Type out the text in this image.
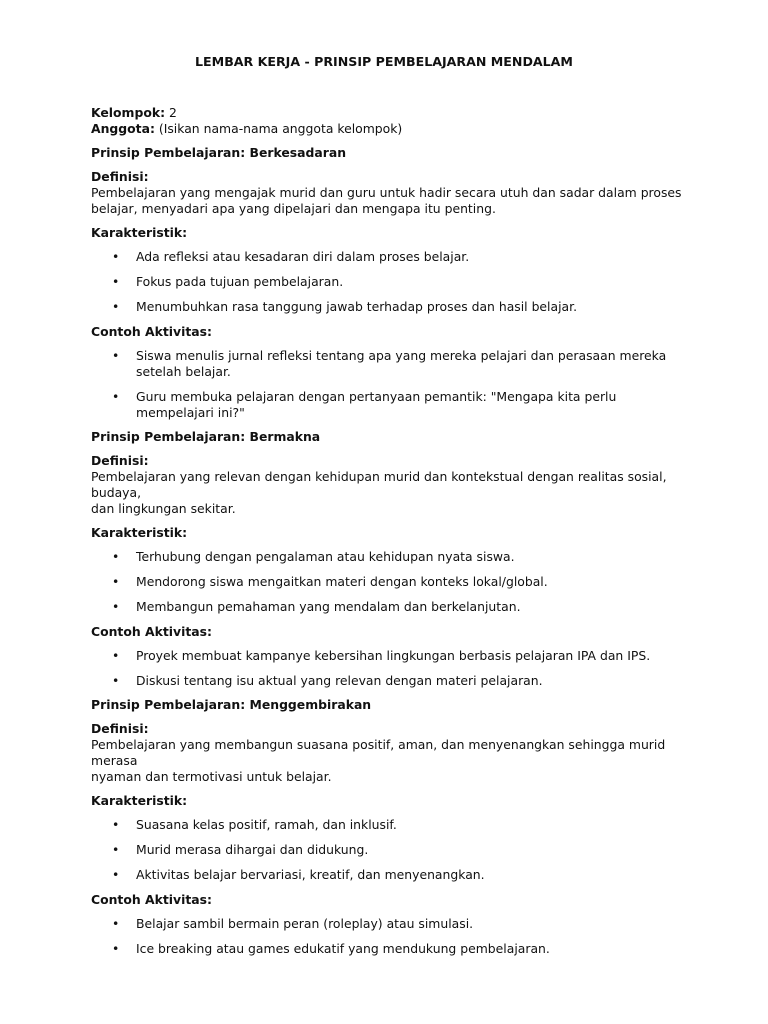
LEMBAR KERJA - PRINSIP PEMBELAJARAN MENDALAM

Kelompok: 2

Anggota: (Isikan nama-nama anggota kelompok)

Prinsip Pembelajaran: Berkesadaran

Definisi:

Pembelajaran yang mengajak murid dan guru untuk hadir secara utuh dan sadar dalam proses

belajar, menyadari apa yang dipelajari dan mengapa itu penting.

Karakteristik:

• Ada refleksi atau kesadaran diri dalam proses belajar.
• Fokus pada tujuan pembelajaran.
• Menumbuhkan rasa tanggung jawab terhadap proses dan hasil belajar.

Contoh Aktivitas:

• Siswa menulis jurnal refleksi tentang apa yang mereka pelajari dan perasaan mereka
setelah belajar.
• Guru membuka pelajaran dengan pertanyaan pemantik: "Mengapa kita perlu mempelajari ini?"

Prinsip Pembelajaran: Bermakna

Definisi:

Pembelajaran yang relevan dengan kehidupan murid dan kontekstual dengan realitas sosial, budaya,

dan lingkungan sekitar.

Karakteristik:

• Terhubung dengan pengalaman atau kehidupan nyata siswa.
• Mendorong siswa mengaitkan materi dengan konteks lokal/global.
• Membangun pemahaman yang mendalam dan berkelanjutan.

Contoh Aktivitas:

• Proyek membuat kampanye kebersihan lingkungan berbasis pelajaran IPA dan IPS.
• Diskusi tentang isu aktual yang relevan dengan materi pelajaran.

Prinsip Pembelajaran: Menggembirakan

Definisi:

Pembelajaran yang membangun suasana positif, aman, dan menyenangkan sehingga murid merasa

nyaman dan termotivasi untuk belajar.

Karakteristik:

• Suasana kelas positif, ramah, dan inklusif.
• Murid merasa dihargai dan didukung.
• Aktivitas belajar bervariasi, kreatif, dan menyenangkan.

Contoh Aktivitas:

• Belajar sambil bermain peran (roleplay) atau simulasi.
• Ice breaking atau games edukatif yang mendukung pembelajaran.
